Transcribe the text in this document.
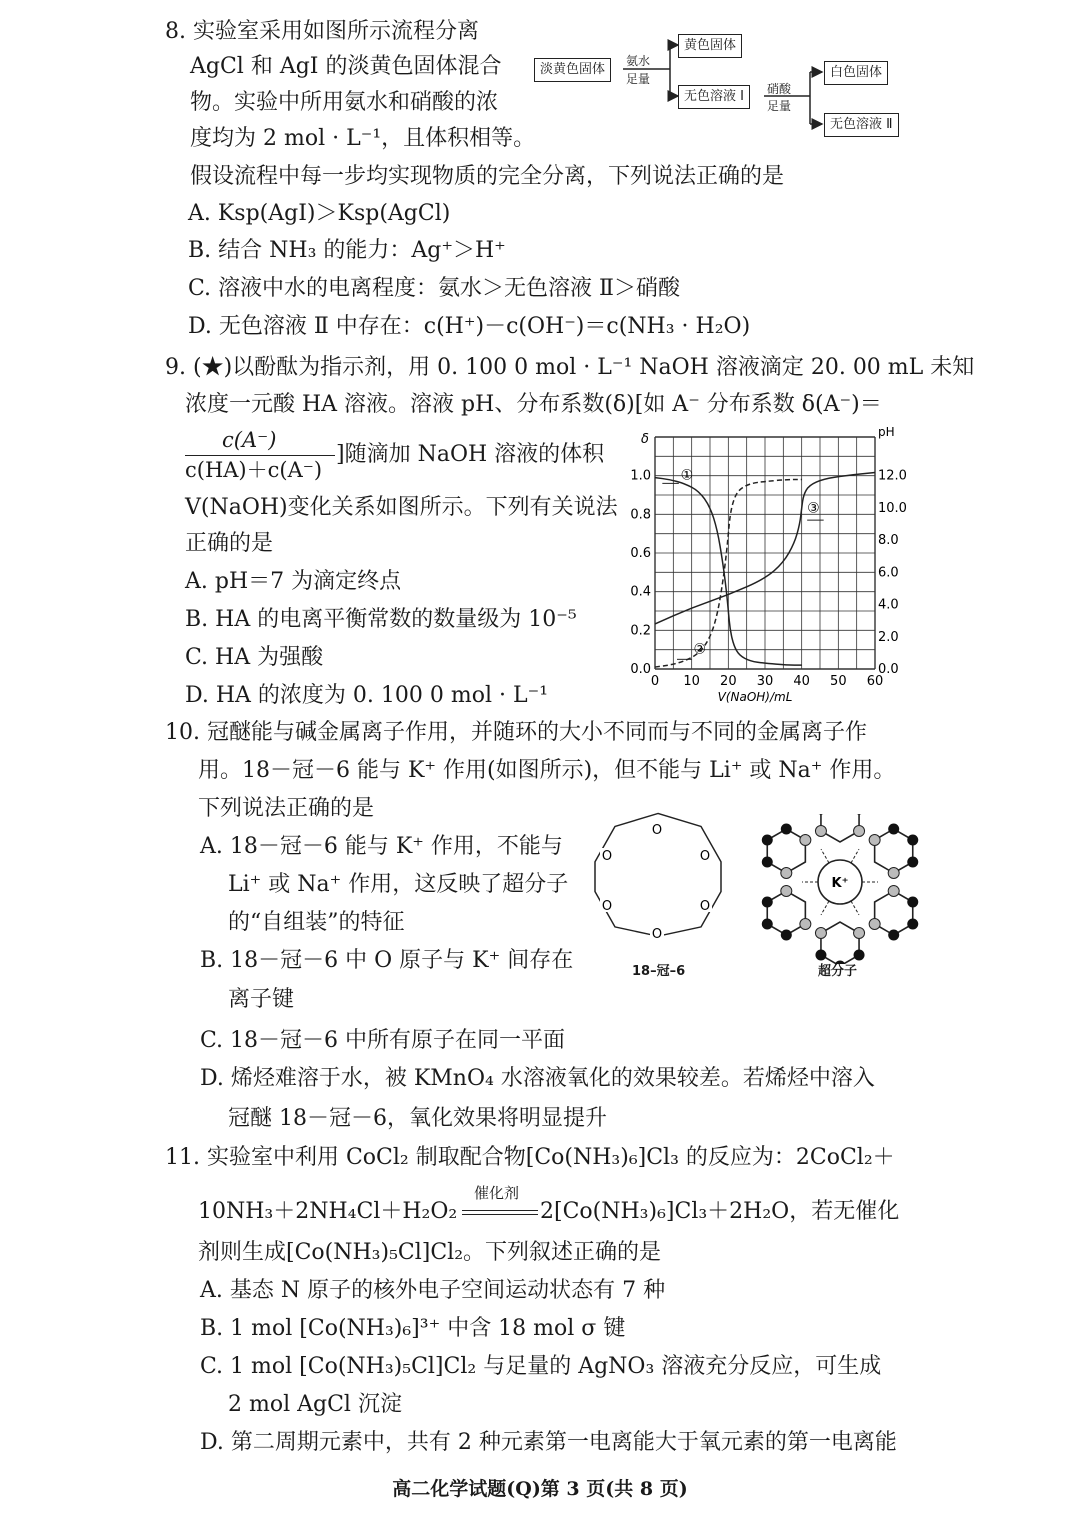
8. 实验室采用如图所示流程分离
AgCl 和 AgI 的淡黄色固体混合
物。实验中所用氨水和硝酸的浓
度均为 2 mol · L⁻¹，且体积相等。
假设流程中每一步均实现物质的完全分离，下列说法正确的是
A. Ksp(AgI)＞Ksp(AgCl)
B. 结合 NH₃ 的能力：Ag⁺＞H⁺
C. 溶液中水的电离程度：氨水＞无色溶液 Ⅱ＞硝酸
D. 无色溶液 Ⅱ 中存在：c(H⁺)－c(OH⁻)＝c(NH₃ · H₂O)
淡黄色固体
氨水
足量
黄色固体
无色溶液 Ⅰ	硝酸
足量
白色固体
无色溶液 Ⅱ
9. (★)以酚酞为指示剂，用 0. 100 0 mol · L⁻¹ NaOH 溶液滴定 20. 00 mL 未知
浓度一元酸 HA 溶液。溶液 pH、分布系数(δ)[如 A⁻ 分布系数 δ(A⁻)＝
c(A⁻)
c(HA)＋c(A⁻)
]随滴加 NaOH 溶液的体积
V(NaOH)变化关系如图所示。下列有关说法
正确的是
A. pH＝7 为滴定终点
B. HA 的电离平衡常数的数量级为 10⁻⁵
C. HA 为强酸
D. HA 的浓度为 0. 100 0 mol · L⁻¹
①
②
③
0 10 20 30 40 50 60
0.0
0.2
0.4
0.6
0.8
1.0
0.0
2.0
4.0
6.0
8.0
10.0
12.0
V(NaOH)/mL
δ	pH
10. 冠醚能与碱金属离子作用，并随环的大小不同而与不同的金属离子作
用。18－冠－6 能与 K⁺ 作用(如图所示)，但不能与 Li⁺ 或 Na⁺ 作用。
下列说法正确的是
A. 18－冠－6 能与 K⁺ 作用，不能与
Li⁺ 或 Na⁺ 作用，这反映了超分子
的“自组装”的特征
B. 18－冠－6 中 O 原子与 K⁺ 间存在
离子键
C. 18－冠－6 中所有原子在同一平面
D. 烯烃难溶于水，被 KMnO₄ 水溶液氧化的效果较差。若烯烃中溶入
冠醚 18－冠－6，氧化效果将明显提升
O
O	O
O	O
O
18–冠–6
K⁺
超分子
11. 实验室中利用 CoCl₂ 制取配合物[Co(NH₃)₆]Cl₃ 的反应为：2CoCl₂＋
10NH₃＋2NH₄Cl＋H₂O₂
催化剂
2[Co(NH₃)₆]Cl₃＋2H₂O，若无催化
剂则生成[Co(NH₃)₅Cl]Cl₂。下列叙述正确的是
A. 基态 N 原子的核外电子空间运动状态有 7 种
B. 1 mol [Co(NH₃)₆]³⁺ 中含 18 mol σ 键
C. 1 mol [Co(NH₃)₅Cl]Cl₂ 与足量的 AgNO₃ 溶液充分反应，可生成
2 mol AgCl 沉淀
D. 第二周期元素中，共有 2 种元素第一电离能大于氧元素的第一电离能
高二化学试题(Q)第 3 页(共 8 页)
